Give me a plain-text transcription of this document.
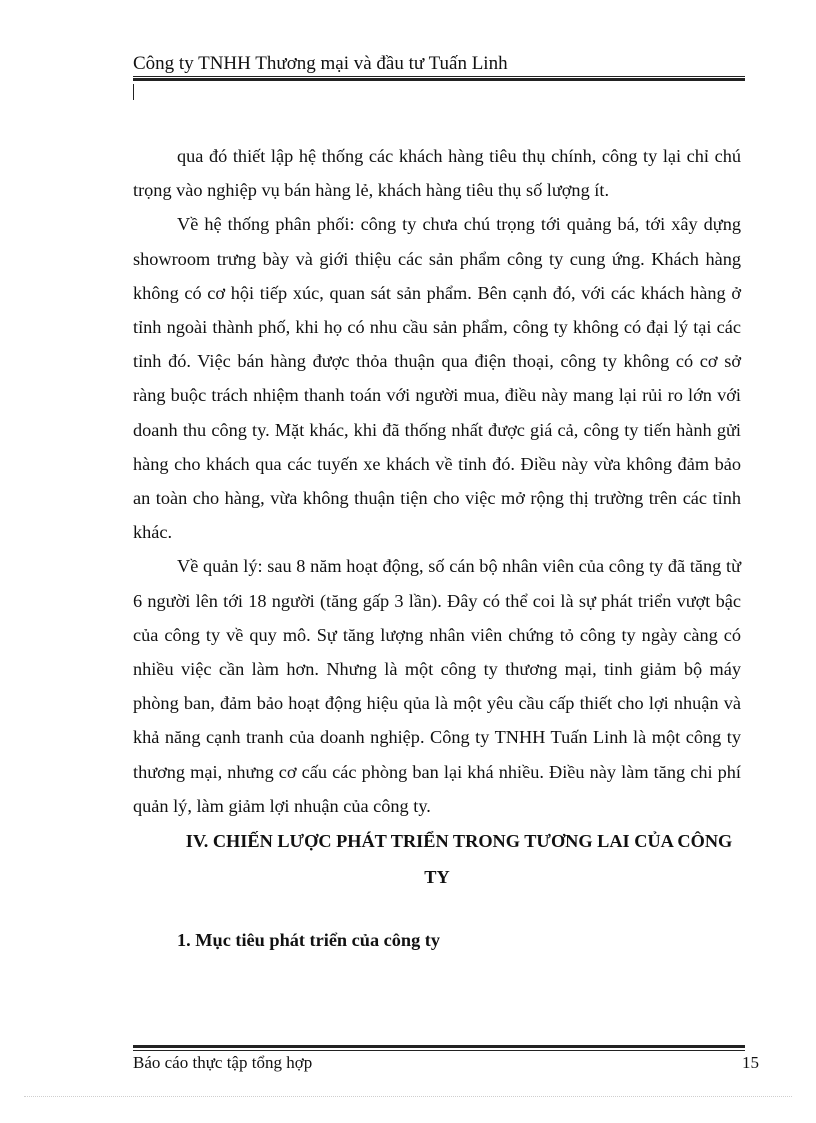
Công ty TNHH Thương mại và đầu tư Tuấn Linh

qua đó thiết lập hệ thống các khách hàng tiêu thụ chính, công ty lại chỉ chú trọng vào nghiệp vụ bán hàng lẻ, khách hàng tiêu thụ số lượng ít.

Về hệ thống phân phối: công ty chưa chú trọng tới quảng bá, tới xây dựng showroom trưng bày và giới thiệu các sản phẩm công ty cung ứng. Khách hàng không có cơ hội tiếp xúc, quan sát sản phẩm. Bên cạnh đó, với các khách hàng ở tỉnh ngoài thành phố, khi họ có nhu cầu sản phẩm, công ty không có đại lý tại các tỉnh đó. Việc bán hàng được thỏa thuận qua điện thoại, công ty không có cơ sở ràng buộc trách nhiệm thanh toán với người mua, điều này mang lại rủi ro lớn với doanh thu công ty. Mặt khác, khi đã thống nhất được giá cả, công ty tiến hành gửi hàng cho khách qua các tuyến xe khách về tỉnh đó. Điều này vừa không đảm bảo an toàn cho hàng, vừa không thuận tiện cho việc mở rộng thị trường trên các tỉnh khác.

Về quản lý: sau 8 năm hoạt động, số cán bộ nhân viên của công ty đã tăng từ 6 người lên tới 18 người (tăng gấp 3 lần). Đây có thể coi là sự phát triển vượt bậc của công ty về quy mô. Sự tăng lượng nhân viên chứng tỏ công ty ngày càng có nhiều việc cần làm hơn. Nhưng là một công ty thương mại, tinh giảm bộ máy phòng ban, đảm bảo hoạt động hiệu qủa là một yêu cầu cấp thiết cho lợi nhuận và khả năng cạnh tranh của doanh nghiệp. Công ty TNHH Tuấn Linh là một công ty thương mại, nhưng cơ cấu các phòng ban lại khá nhiều. Điều này làm tăng chi phí quản lý, làm giảm lợi nhuận của công ty.

IV. CHIẾN LƯỢC PHÁT TRIỂN TRONG TƯƠNG LAI CỦA CÔNG TY
1. Mục tiêu phát triển của công ty
Báo cáo thực tập tổng hợp	15
